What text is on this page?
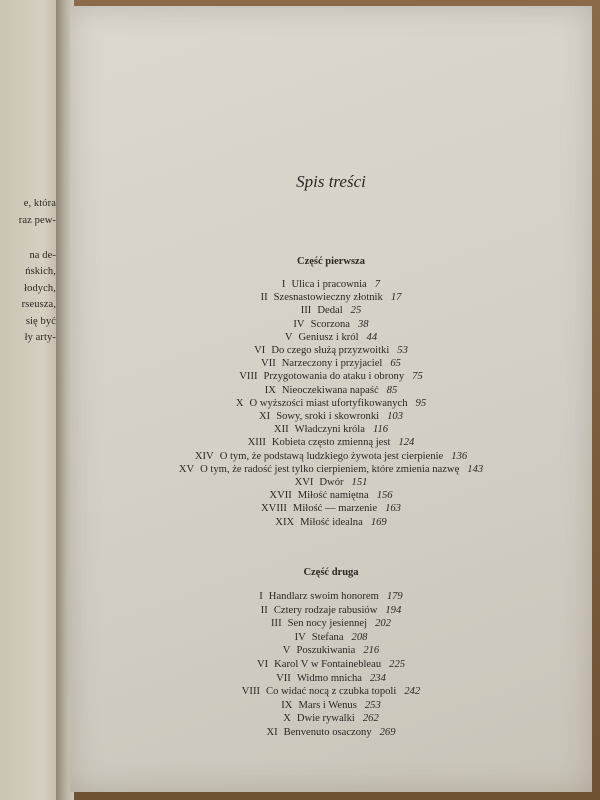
e, która
raz pew-
na de-
ńskich,
łodych,
rseusza,
się być
ły arty-
Spis treści
Część pierwsza
I Ulica i pracownia 7
II Szesnastowieczny złotnik 17
III Dedal 25
IV Scorzona 38
V Geniusz i król 44
VI Do czego służą przyzwoitki 53
VII Narzeczony i przyjaciel 65
VIII Przygotowania do ataku i obrony 75
IX Nieoczekiwana napaść 85
X O wyższości miast ufortyfikowanych 95
XI Sowy, sroki i skowronki 103
XII Władczyni króla 116
XIII Kobieta często zmienną jest 124
XIV O tym, że podstawą ludzkiego żywota jest cierpienie 136
XV O tym, że radość jest tylko cierpieniem, które zmienia nazwę 143
XVI Dwór 151
XVII Miłość namiętna 156
XVIII Miłość — marzenie 163
XIX Miłość idealna 169
Część druga
I Handlarz swoim honorem 179
II Cztery rodzaje rabusiów 194
III Sen nocy jesiennej 202
IV Stefana 208
V Poszukiwania 216
VI Karol V w Fontainebleau 225
VII Widmo mnicha 234
VIII Co widać nocą z czubka topoli 242
IX Mars i Wenus 253
X Dwie rywalki 262
XI Benvenuto osaczony 269
